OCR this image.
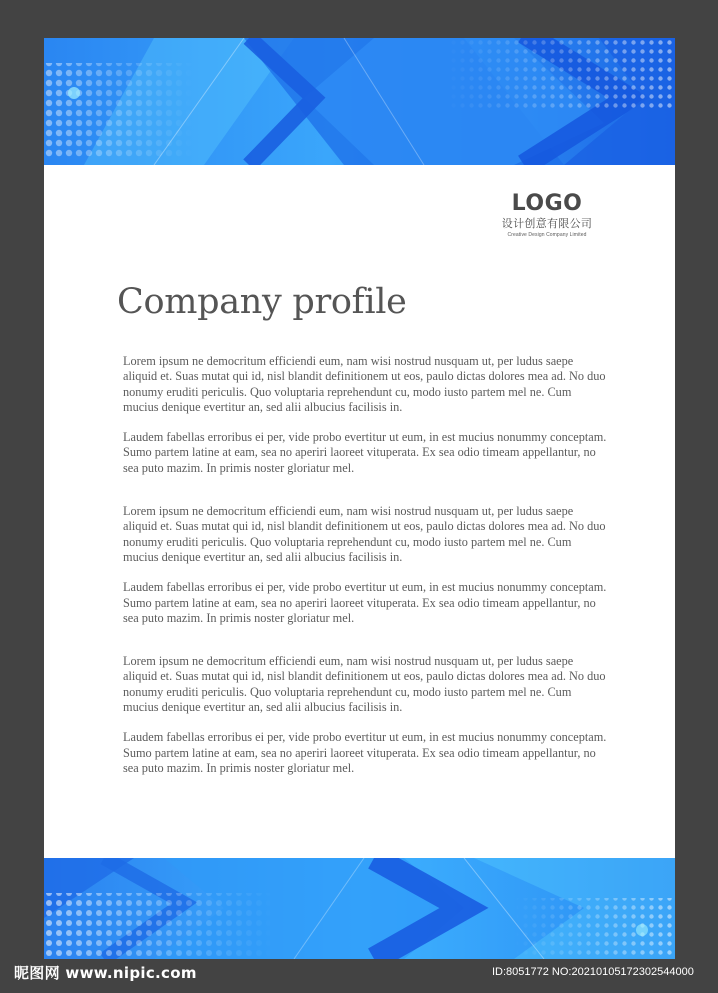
LOGO
设计创意有限公司
Creative Design Company Limited
Company profile

Lorem ipsum ne democritum efficiendi eum, nam wisi nostrud nusquam ut, per ludus saepe aliquid et. Suas mutat qui id, nisl blandit definitionem ut eos, paulo dictas dolores mea ad. No duo nonumy eruditi periculis. Quo voluptaria reprehendunt cu, modo iusto partem mel ne. Cum mucius denique evertitur an, sed alii albucius facilisis in.

Laudem fabellas erroribus ei per, vide probo evertitur ut eum, in est mucius nonummy conceptam. Sumo partem latine at eam, sea no aperiri laoreet vituperata. Ex sea odio timeam appellantur, no sea puto mazim. In primis noster gloriatur mel.

Lorem ipsum ne democritum efficiendi eum, nam wisi nostrud nusquam ut, per ludus saepe aliquid et. Suas mutat qui id, nisl blandit definitionem ut eos, paulo dictas dolores mea ad. No duo nonumy eruditi periculis. Quo voluptaria reprehendunt cu, modo iusto partem mel ne. Cum mucius denique evertitur an, sed alii albucius facilisis in.

Laudem fabellas erroribus ei per, vide probo evertitur ut eum, in est mucius nonummy conceptam. Sumo partem latine at eam, sea no aperiri laoreet vituperata. Ex sea odio timeam appellantur, no sea puto mazim. In primis noster gloriatur mel.

Lorem ipsum ne democritum efficiendi eum, nam wisi nostrud nusquam ut, per ludus saepe aliquid et. Suas mutat qui id, nisl blandit definitionem ut eos, paulo dictas dolores mea ad. No duo nonumy eruditi periculis. Quo voluptaria reprehendunt cu, modo iusto partem mel ne. Cum mucius denique evertitur an, sed alii albucius facilisis in.

Laudem fabellas erroribus ei per, vide probo evertitur ut eum, in est mucius nonummy conceptam. Sumo partem latine at eam, sea no aperiri laoreet vituperata. Ex sea odio timeam appellantur, no sea puto mazim. In primis noster gloriatur mel.

昵图网 www.nipic.com	ID:8051772 NO:20210105172302544000
